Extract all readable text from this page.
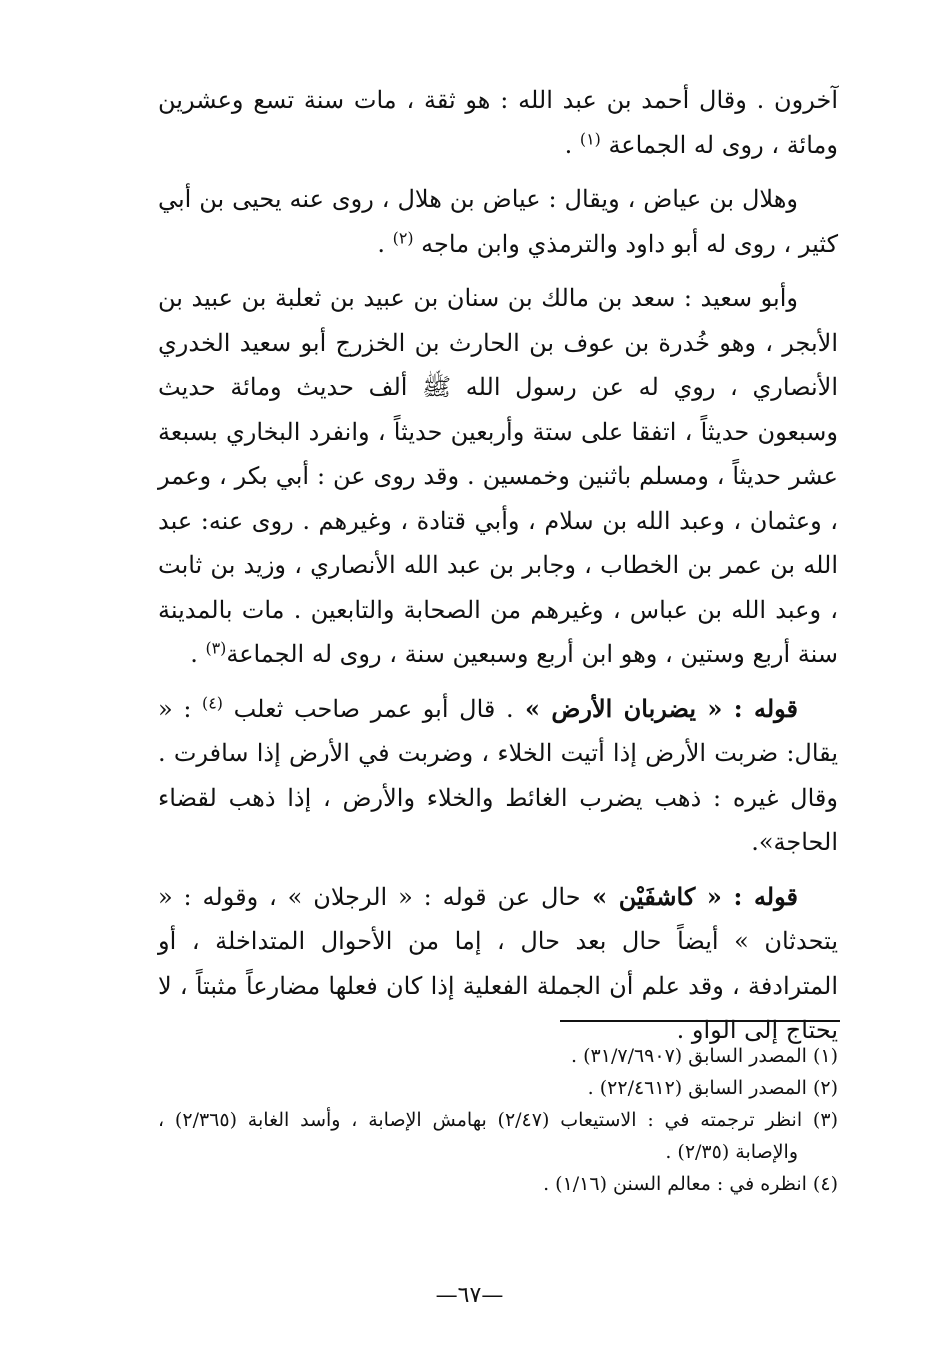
آخرون . وقال أحمد بن عبد الله : هو ثقة ، مات سنة تسع وعشرين ومائة ، روى له الجماعة $^{(١)}$ .

وهلال بن عياض ، ويقال : عياض بن هلال ، روى عنه يحيى بن أبي كثير ، روى له أبو داود والترمذي وابن ماجه $^{(٢)}$ .

وأبو سعيد : سعد بن مالك بن سنان بن عبيد بن ثعلبة بن عبيد بن الأبجر ، وهو خُدرة بن عوف بن الحارث بن الخزرج أبو سعيد الخدري الأنصاري ، روي له عن رسول الله ﷺ ألف حديث ومائة حديث وسبعون حديثاً ، اتفقا على ستة وأربعين حديثاً ، وانفرد البخاري بسبعة عشر حديثاً ، ومسلم باثنين وخمسين . وقد روى عن : أبي بكر ، وعمر ، وعثمان ، وعبد الله بن سلام ، وأبي قتادة ، وغيرهم . روى عنه: عبد الله بن عمر بن الخطاب ، وجابر بن عبد الله الأنصاري ، وزيد بن ثابت ، وعبد الله بن عباس ، وغيرهم من الصحابة والتابعين . مات بالمدينة سنة أربع وستين ، وهو ابن أربع وسبعين سنة ، روى له الجماعة$^{(٣)}$ .

قوله : « يضربان الأرض » . قال أبو عمر صاحب ثعلب $^{(٤)}$ : « يقال: ضربت الأرض إذا أتيت الخلاء ، وضربت في الأرض إذا سافرت . وقال غيره : ذهب يضرب الغائط والخلاء والأرض ، إذا ذهب لقضاء الحاجة».

قوله : « كاشفَيْن » حال عن قوله : « الرجلان » ، وقوله : « يتحدثان » أيضاً حال بعد حال ، إما من الأحوال المتداخلة ، أو المترادفة ، وقد علم أن الجملة الفعلية إذا كان فعلها مضارعاً مثبتاً ، لا يحتاج إلى الواو .

(١) المصدر السابق (٣١/٧/٦٩٠٧) .
(٢) المصدر السابق (٢٢/٤٦١٢) .
(٣) انظر ترجمته في : الاستيعاب (٢/٤٧) بهامش الإصابة ، وأسد الغابة (٢/٣٦٥) ، والإصابة (٢/٣٥) .
(٤) انظره في : معالم السنن (١/١٦) .
—٦٧—
